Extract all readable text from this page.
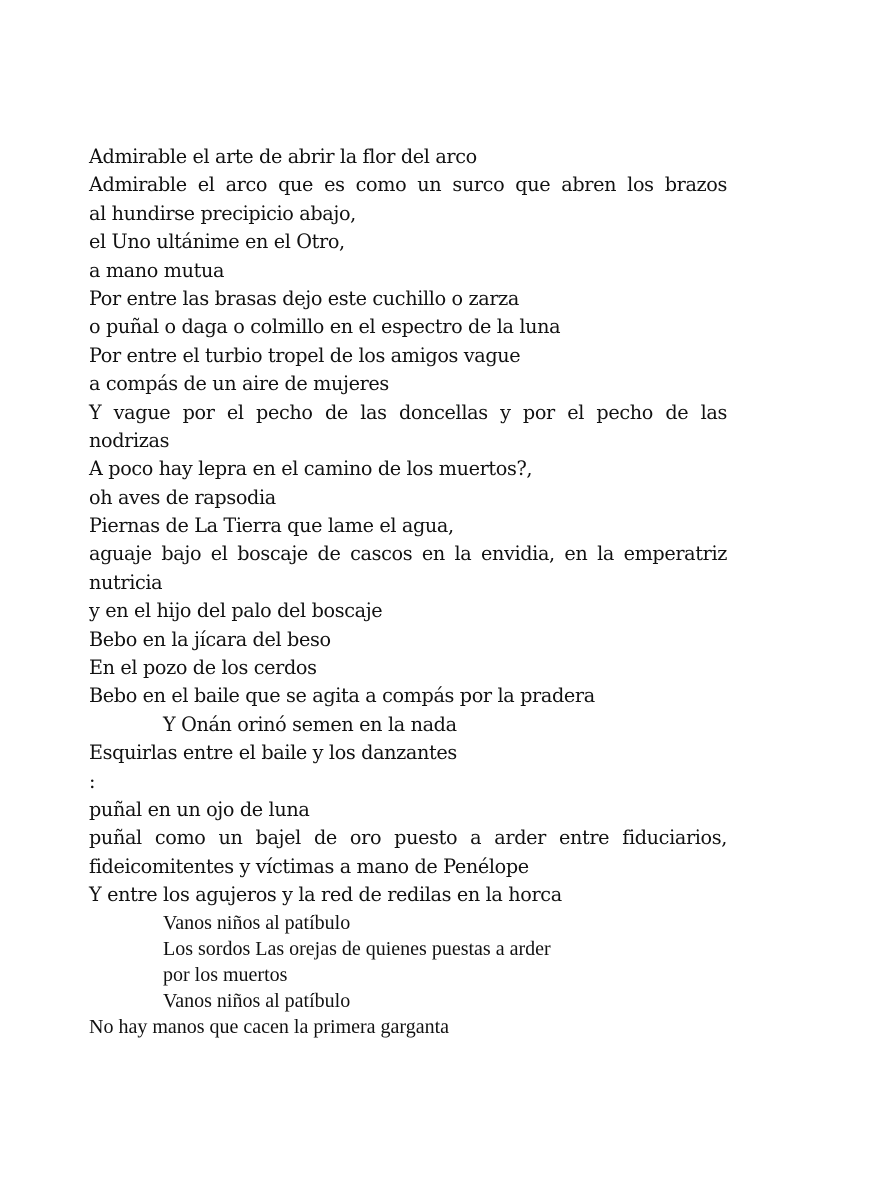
Admirable el arte de abrir la flor del arco
Admirable el arco que es como un surco que abren los brazos
al hundirse precipicio abajo,
el Uno ultánime en el Otro,
a mano mutua
Por entre las brasas dejo este cuchillo o zarza
o puñal o daga o colmillo en el espectro de la luna
Por entre el turbio tropel de los amigos vague
a compás de un aire de mujeres
Y vague por el pecho de las doncellas y por el pecho de las
nodrizas
A poco hay lepra en el camino de los muertos?,
oh aves de rapsodia
Piernas de La Tierra que lame el agua,
aguaje bajo el boscaje de cascos en la envidia, en la emperatriz
nutricia
y en el hijo del palo del boscaje
Bebo en la jícara del beso
En el pozo de los cerdos
Bebo en el baile que se agita a compás por la pradera
Y Onán orinó semen en la nada
Esquirlas entre el baile y los danzantes
:
puñal en un ojo de luna
puñal como un bajel de oro puesto a arder entre fiduciarios,
fideicomitentes y víctimas a mano de Penélope
Y entre los agujeros y la red de redilas en la horca
Vanos niños al patíbulo
Los sordos Las orejas de quienes puestas a arder
por los muertos
Vanos niños al patíbulo
No hay manos que cacen la primera garganta
